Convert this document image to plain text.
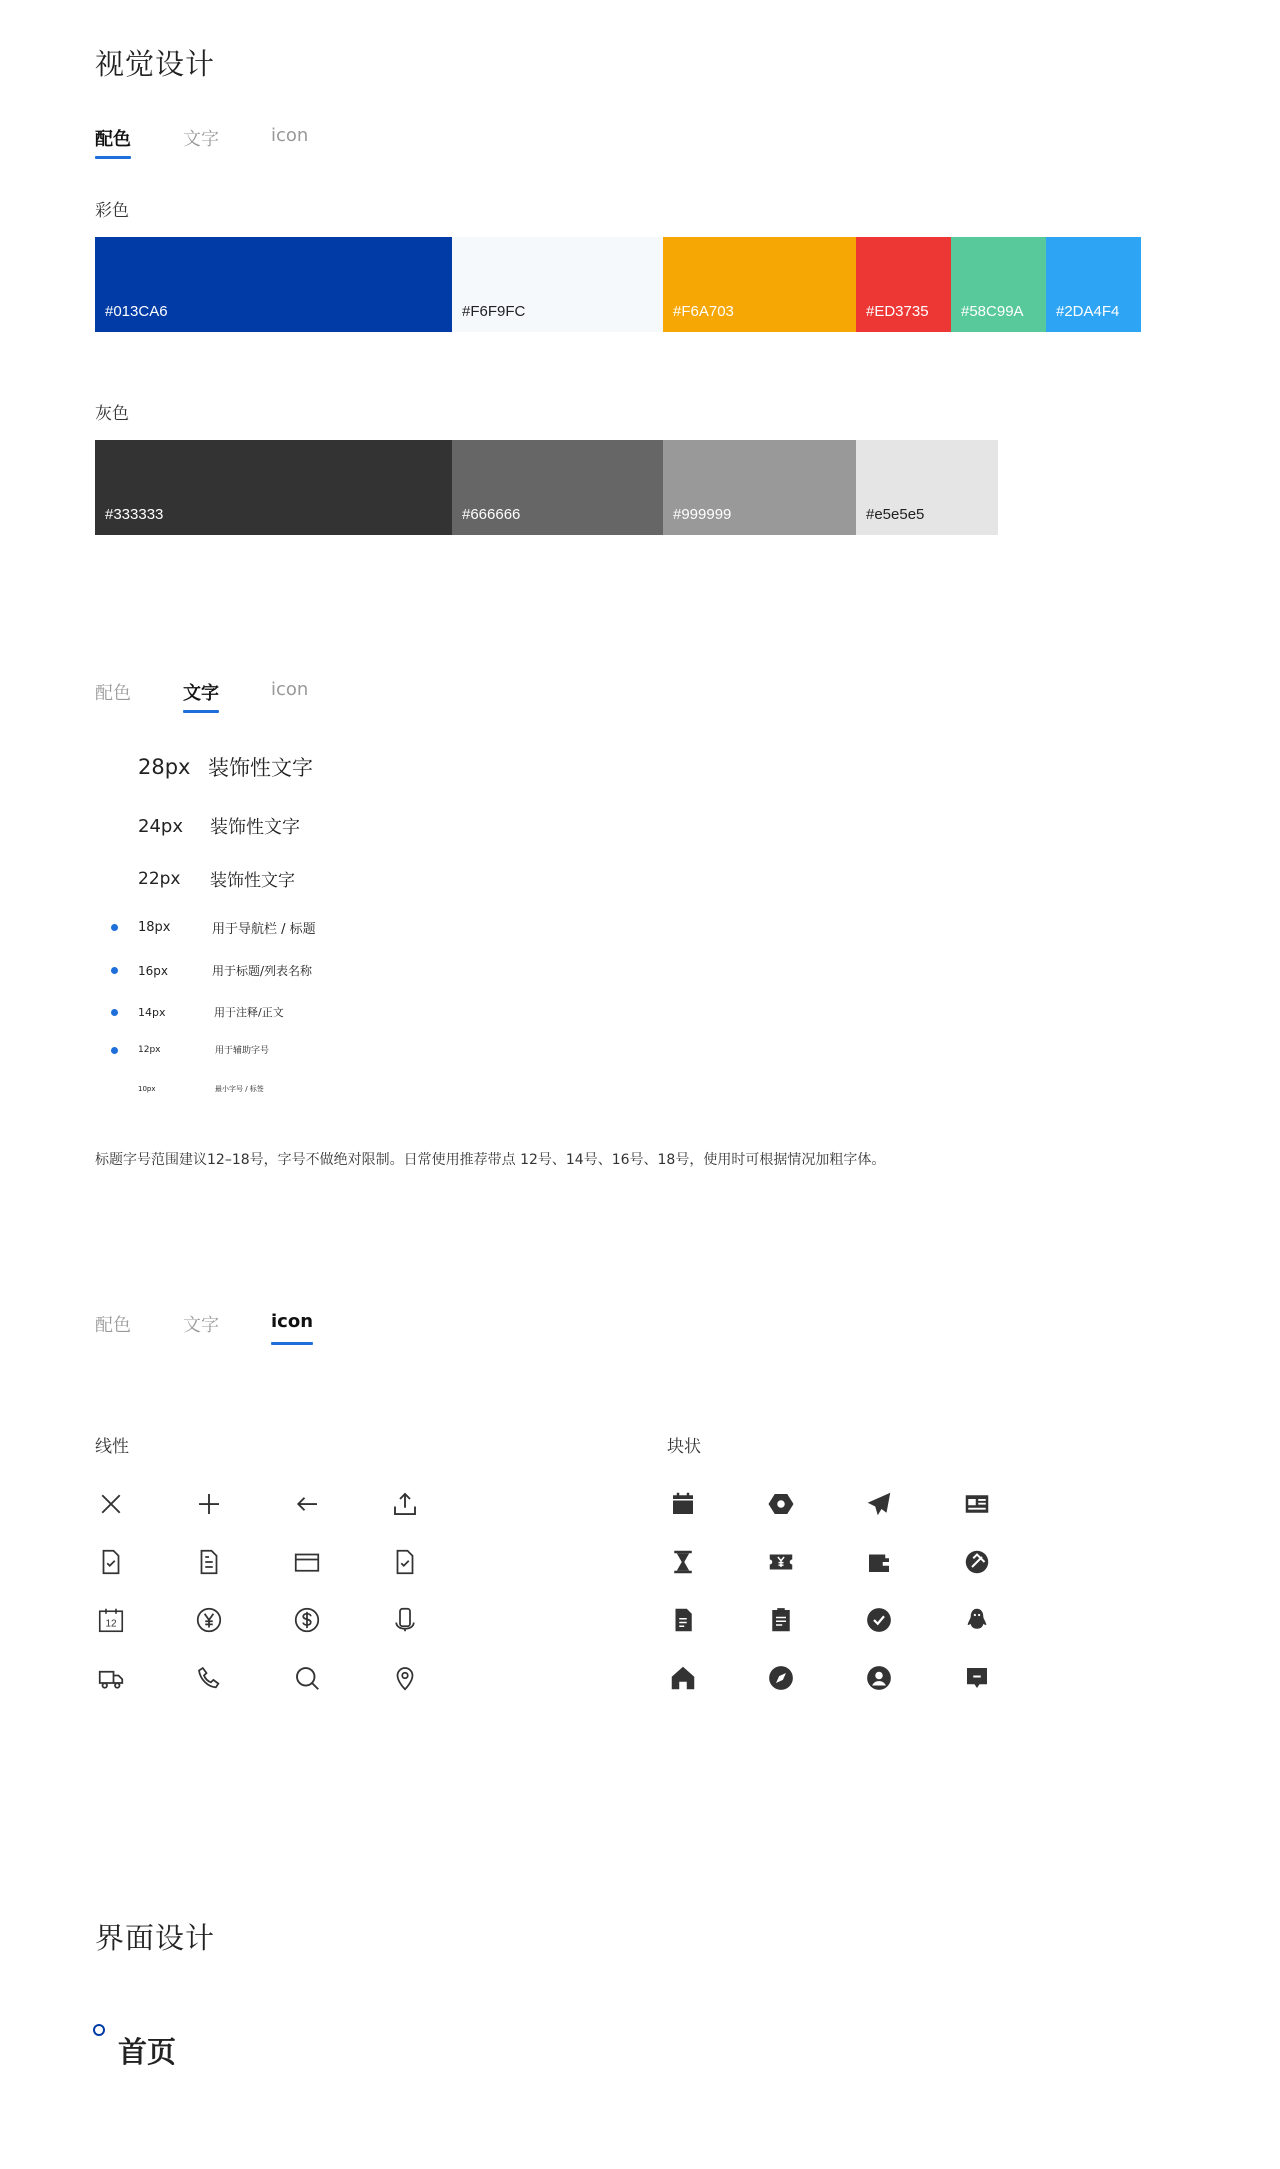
视觉设计
配色	文字	icon
彩色
#013CA6	#F6F9FC	#F6A703	#ED3735 #58C99A #2DA4F4
灰色
#333333	#666666	#999999	#e5e5e5
配色	文字	icon
28px 装饰性文字
24px	装饰性文字
22px	装饰性文字
18px	用于导航栏 / 标题
16px	用于标题/列表名称
14px	用于注释/正文
12px	用于辅助字号
10px	最小字号 / 标签
标题字号范围建议12–18号，字号不做绝对限制。日常使用推荐带点 12号、14号、16号、18号，使用时可根据情况加粗字体。
配色	文字	icon
线性	块状
12
界面设计
首页
